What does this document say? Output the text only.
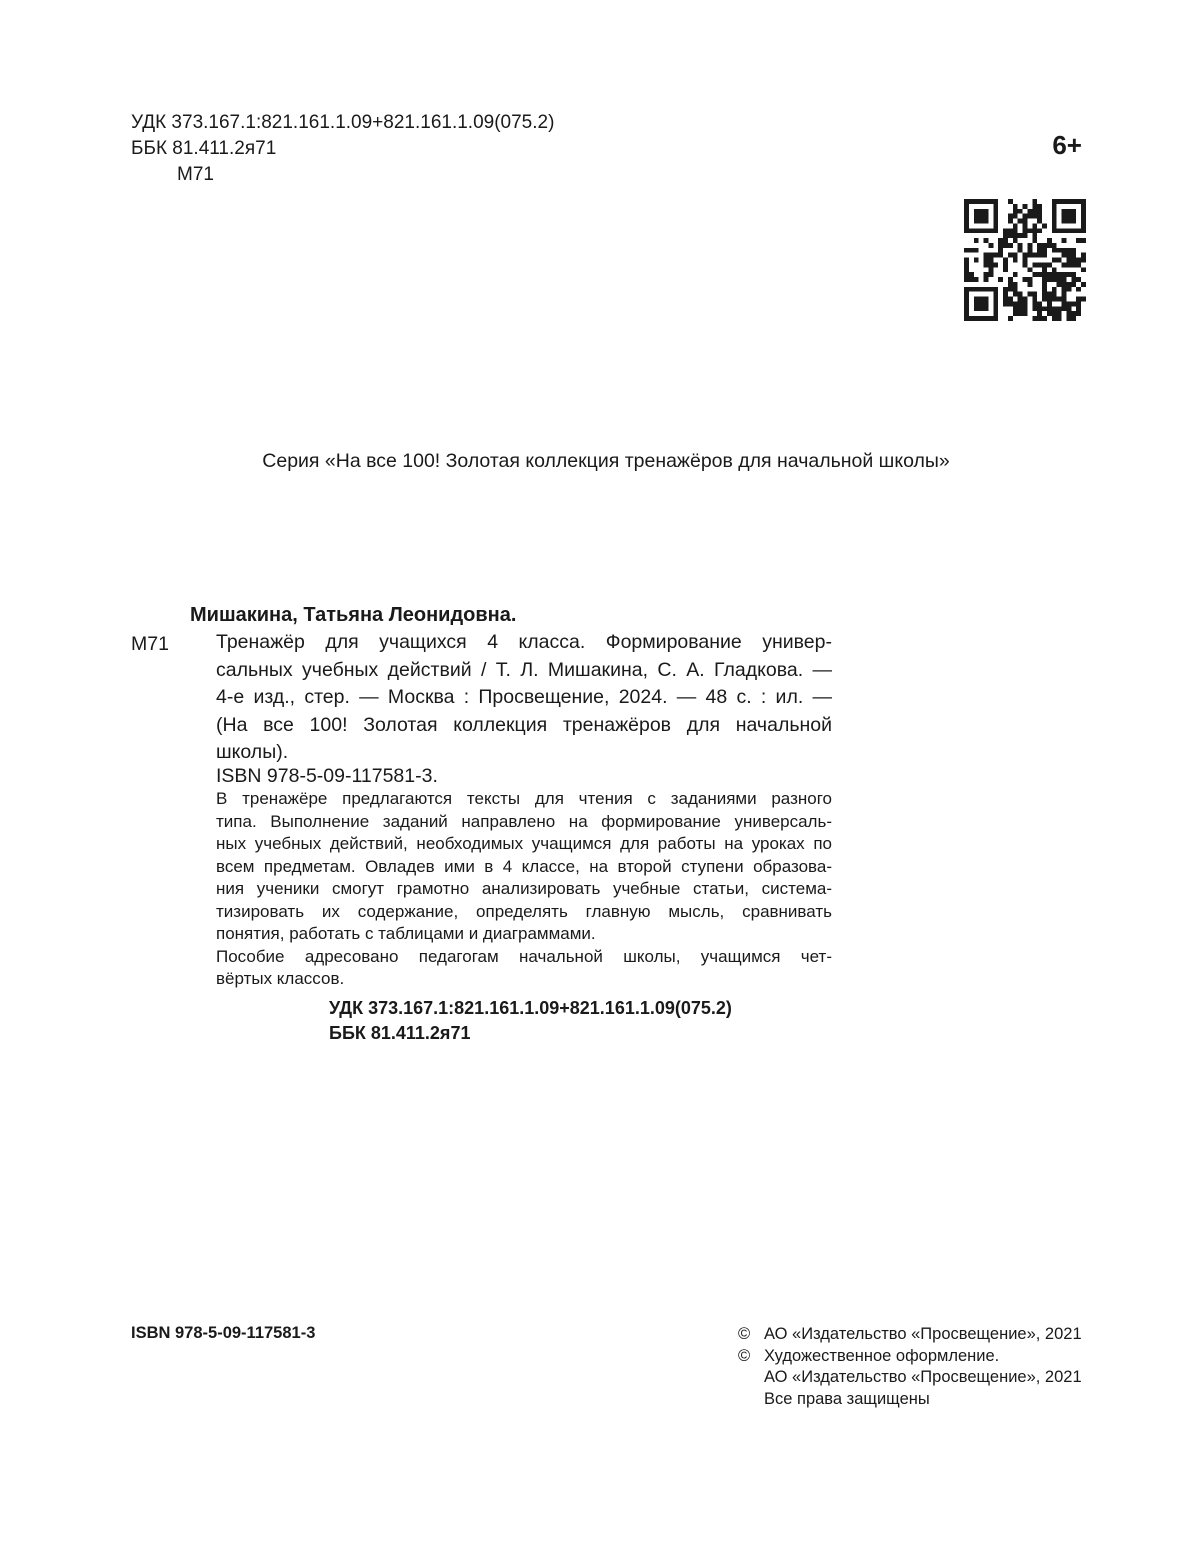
УДК 373.167.1:821.161.1.09+821.161.1.09(075.2)
ББК 81.411.2я71
М71
6+
Серия «На все 100! Золотая коллекция тренажёров для начальной школы»
Мишакина, Татьяна Леонидовна.
М71 Тренажёр для учащихся 4 класса. Формирование универ-
сальных учебных действий / Т. Л. Мишакина, С. А. Гладкова. —
4-е изд., стер. — Москва : Просвещение, 2024. — 48 с. : ил. —
(На все 100! Золотая коллекция тренажёров для начальной
школы).
ISBN 978-5-09-117581-3.
В тренажёре предлагаются тексты для чтения с заданиями разного
типа. Выполнение заданий направлено на формирование универсаль-
ных учебных действий, необходимых учащимся для работы на уроках по
всем предметам. Овладев ими в 4 классе, на второй ступени образова-
ния ученики смогут грамотно анализировать учебные статьи, система-
тизировать их содержание, определять главную мысль, сравнивать
понятия, работать с таблицами и диаграммами.
Пособие адресовано педагогам начальной школы, учащимся чет-
вёртых классов.
УДК 373.167.1:821.161.1.09+821.161.1.09(075.2)
ББК 81.411.2я71
ISBN 978-5-09-117581-3	© АО «Издательство «Просвещение», 2021
© Художественное оформление.
АО «Издательство «Просвещение», 2021
Все права защищены
